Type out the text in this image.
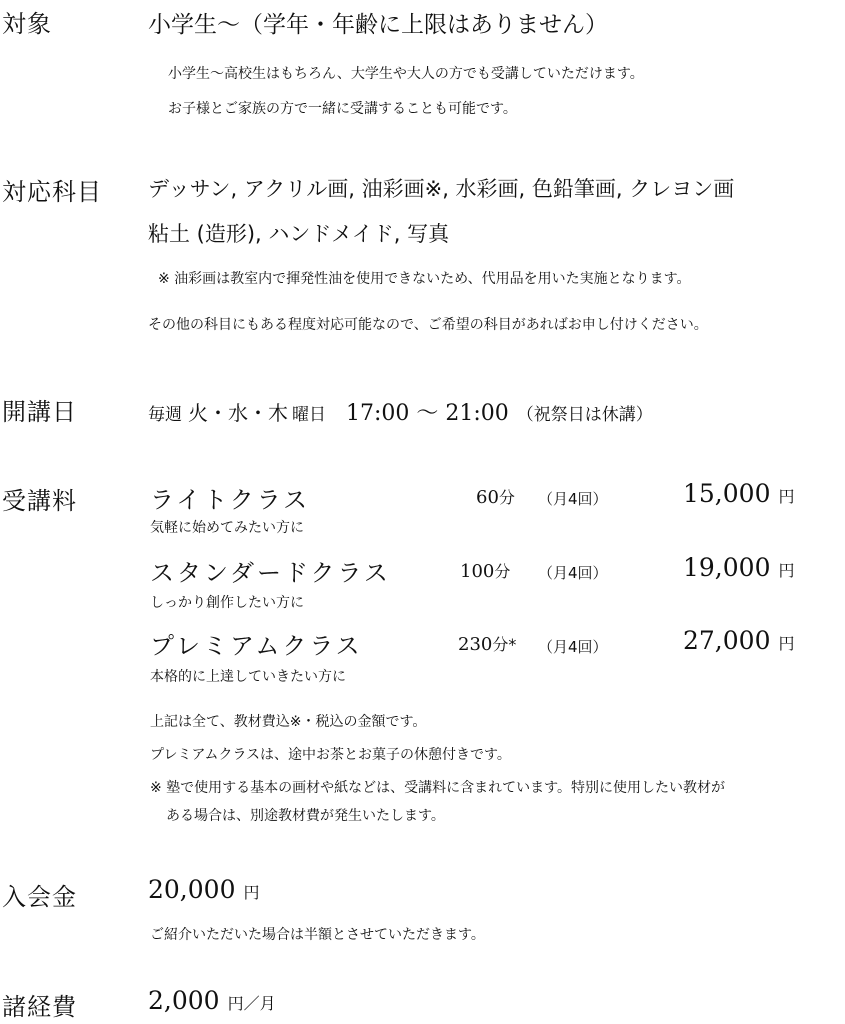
対象	小学生〜（学年・年齢に上限はありません）
小学生〜高校生はもちろん、大学生や大人の方でも受講していただけます。
お子様とご家族の方で一緒に受講することも可能です。
対応科目 デッサン, アクリル画, 油彩画※, 水彩画, 色鉛筆画, クレヨン画
粘土 (造形), ハンドメイド, 写真
※ 油彩画は教室内で揮発性油を使用できないため、代用品を用いた実施となります。
その他の科目にもある程度対応可能なので、ご希望の科目があればお申し付けください。
開講日	毎週 火・水・木 曜日 17:00 〜 21:00 （祝祭日は休講）
受講料	ライトクラス	60分 （月4回）	15,000 円
気軽に始めてみたい方に
スタンダードクラス	100分 （月4回）	19,000 円
しっかり創作したい方に
プレミアムクラス	230分* （月4回）	27,000 円
本格的に上達していきたい方に
上記は全て、教材費込※・税込の金額です。
プレミアムクラスは、途中お茶とお菓子の休憩付きです。
※ 塾で使用する基本の画材や紙などは、受講料に含まれています。特別に使用したい教材が
ある場合は、別途教材費が発生いたします。
入会金	20,000 円
ご紹介いただいた場合は半額とさせていただきます。
諸経費	2,000 円／月
